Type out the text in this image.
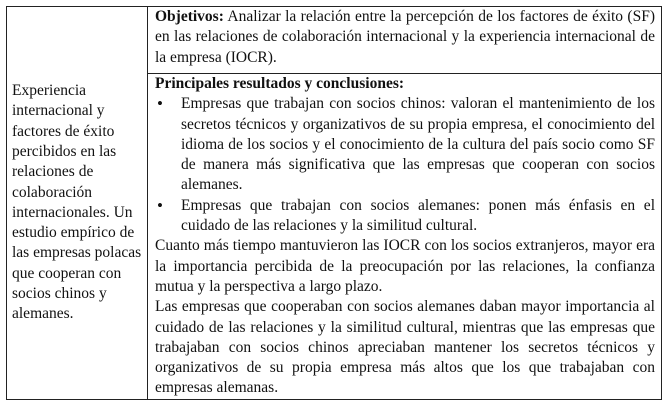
Experiencia internacional y factores de éxito percibidos en las relaciones de colaboración internacionales. Un estudio empírico de las empresas polacas que cooperan con socios chinos y alemanes.	Objetivos: Analizar la relación entre la percepción de los factores de éxito (SF) en las relaciones de colaboración internacional y la experiencia internacional de la empresa (IOCR).

Principales resultados y conclusiones:
• Empresas que trabajan con socios chinos: valoran el mantenimiento de los secretos técnicos y organizativos de su propia empresa, el conocimiento del idioma de los socios y el conocimiento de la cultura del país socio como SF de manera más significativa que las empresas que cooperan con socios alemanes.
• Empresas que trabajan con socios alemanes: ponen más énfasis en el cuidado de las relaciones y la similitud cultural.

Cuanto más tiempo mantuvieron las IOCR con los socios extranjeros, mayor era la importancia percibida de la preocupación por las relaciones, la confianza mutua y la perspectiva a largo plazo.

Las empresas que cooperaban con socios alemanes daban mayor importancia al cuidado de las relaciones y la similitud cultural, mientras que las empresas que trabajaban con socios chinos apreciaban mantener los secretos técnicos y organizativos de su propia empresa más altos que los que trabajaban con empresas alemanas.
